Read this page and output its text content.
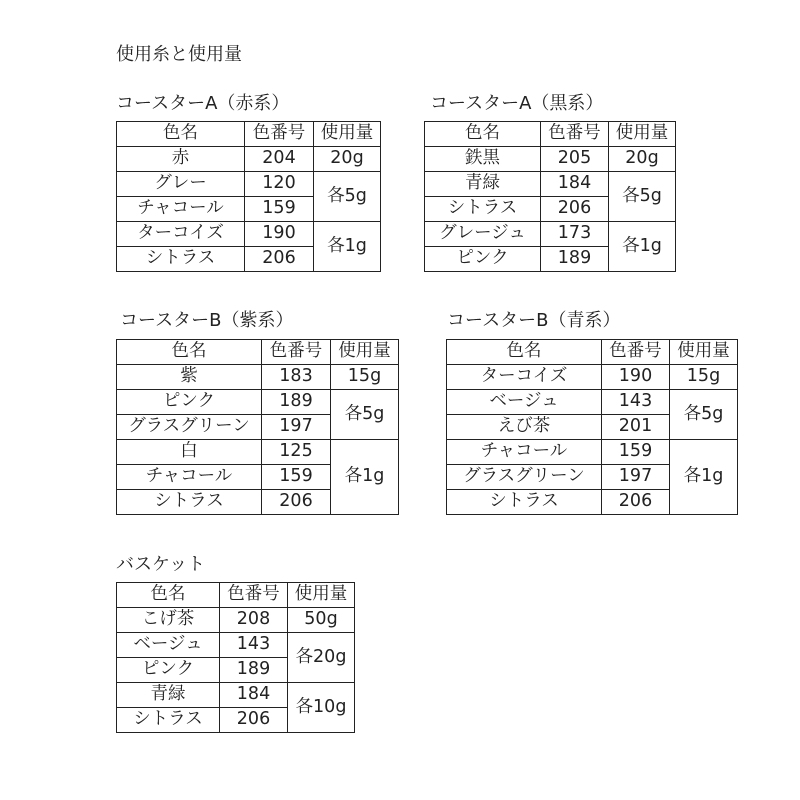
使用糸と使用量
コースターA（赤系）
色名	色番号	使用量
赤	204	20g
グレー	120	各5g
チャコール	159	
ターコイズ	190	各1g
シトラス	206	
コースターA（黒系）
色名	色番号	使用量
鉄黒	205	20g
青緑	184	各5g
シトラス	206	
グレージュ	173	各1g
ピンク	189	
コースターB（紫系）
色名	色番号	使用量
紫	183	15g
ピンク	189	各5g
グラスグリーン	197	
白	125	各1g
チャコール	159	
シトラス	206	
コースターB（青系）
色名	色番号	使用量
ターコイズ	190	15g
ベージュ	143	各5g
えび茶	201	
チャコール	159	各1g
グラスグリーン	197	
シトラス	206	
バスケット
色名	色番号	使用量
こげ茶	208	50g
ベージュ	143	各20g
ピンク	189	
青緑	184	各10g
シトラス	206	
